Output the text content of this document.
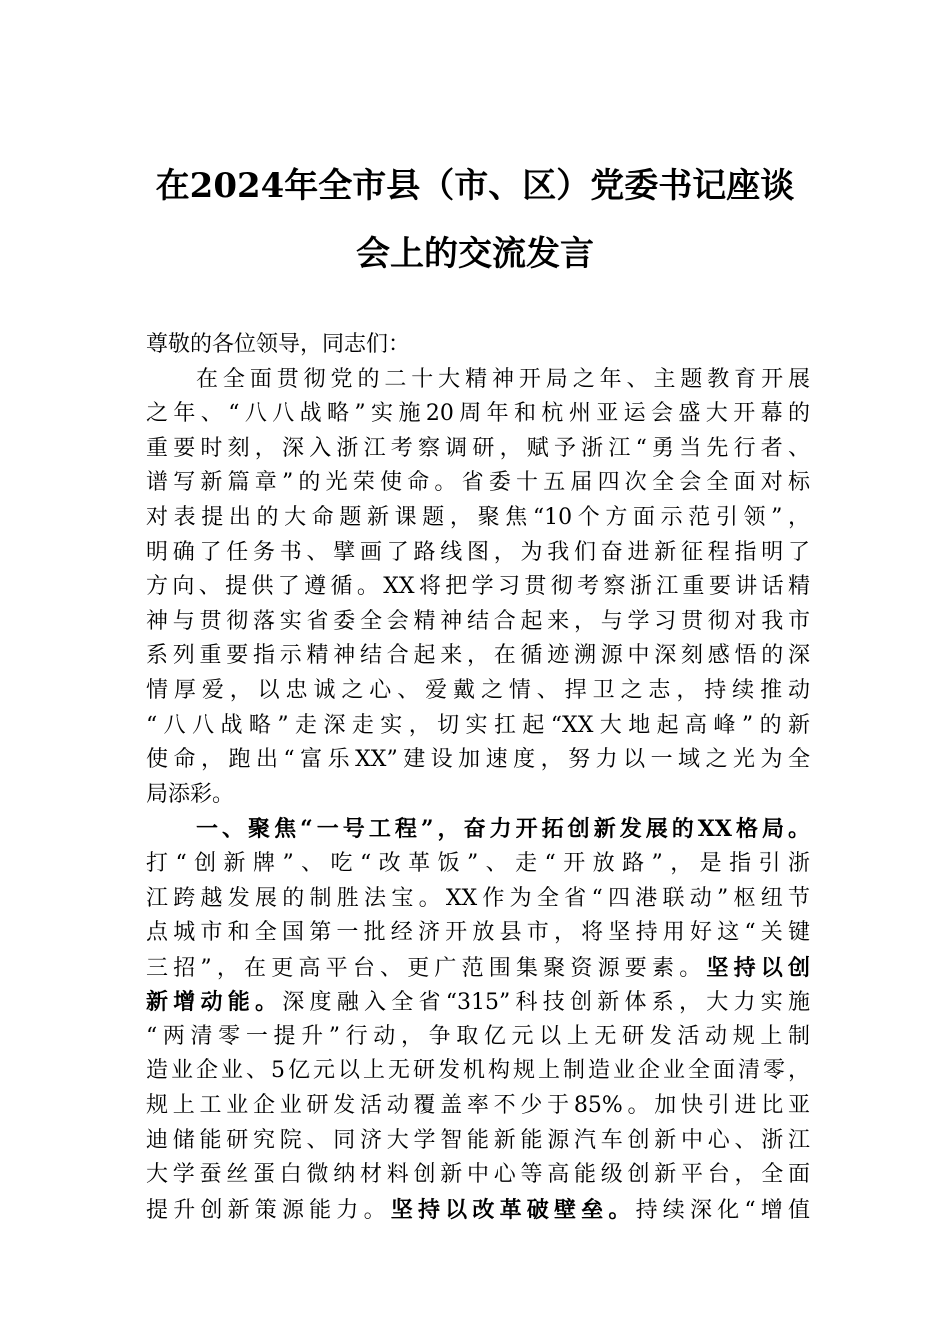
在2024年全市县（市、区）党委书记座谈
会上的交流发言
尊敬的各位领导，同志们：
在全面贯彻党的二十大精神开局之年、主题教育开展
之年、“八八战略”实施20周年和杭州亚运会盛大开幕的
重要时刻，深入浙江考察调研，赋予浙江“勇当先行者、
谱写新篇章”的光荣使命。省委十五届四次全会全面对标
对表提出的大命题新课题，聚焦“10个方面示范引领”，
明确了任务书、擘画了路线图，为我们奋进新征程指明了
方向、提供了遵循。XX将把学习贯彻考察浙江重要讲话精
神与贯彻落实省委全会精神结合起来，与学习贯彻对我市
系列重要指示精神结合起来，在循迹溯源中深刻感悟的深
情厚爱，以忠诚之心、爱戴之情、捍卫之志，持续推动
“八八战略”走深走实，切实扛起“XX大地起高峰”的新
使命，跑出“富乐XX”建设加速度，努力以一域之光为全
局添彩。
一、聚焦“一号工程”，奋力开拓创新发展的XX格局。
打“创新牌”、吃“改革饭”、走“开放路”，是指引浙
江跨越发展的制胜法宝。XX作为全省“四港联动”枢纽节
点城市和全国第一批经济开放县市，将坚持用好这“关键
三招”，在更高平台、更广范围集聚资源要素。坚持以创
新增动能。深度融入全省“315”科技创新体系，大力实施
“两清零一提升”行动，争取亿元以上无研发活动规上制
造业企业、5亿元以上无研发机构规上制造业企业全面清零，
规上工业企业研发活动覆盖率不少于85%。加快引进比亚
迪储能研究院、同济大学智能新能源汽车创新中心、浙江
大学蚕丝蛋白微纳材料创新中心等高能级创新平台，全面
提升创新策源能力。坚持以改革破壁垒。持续深化“增值
